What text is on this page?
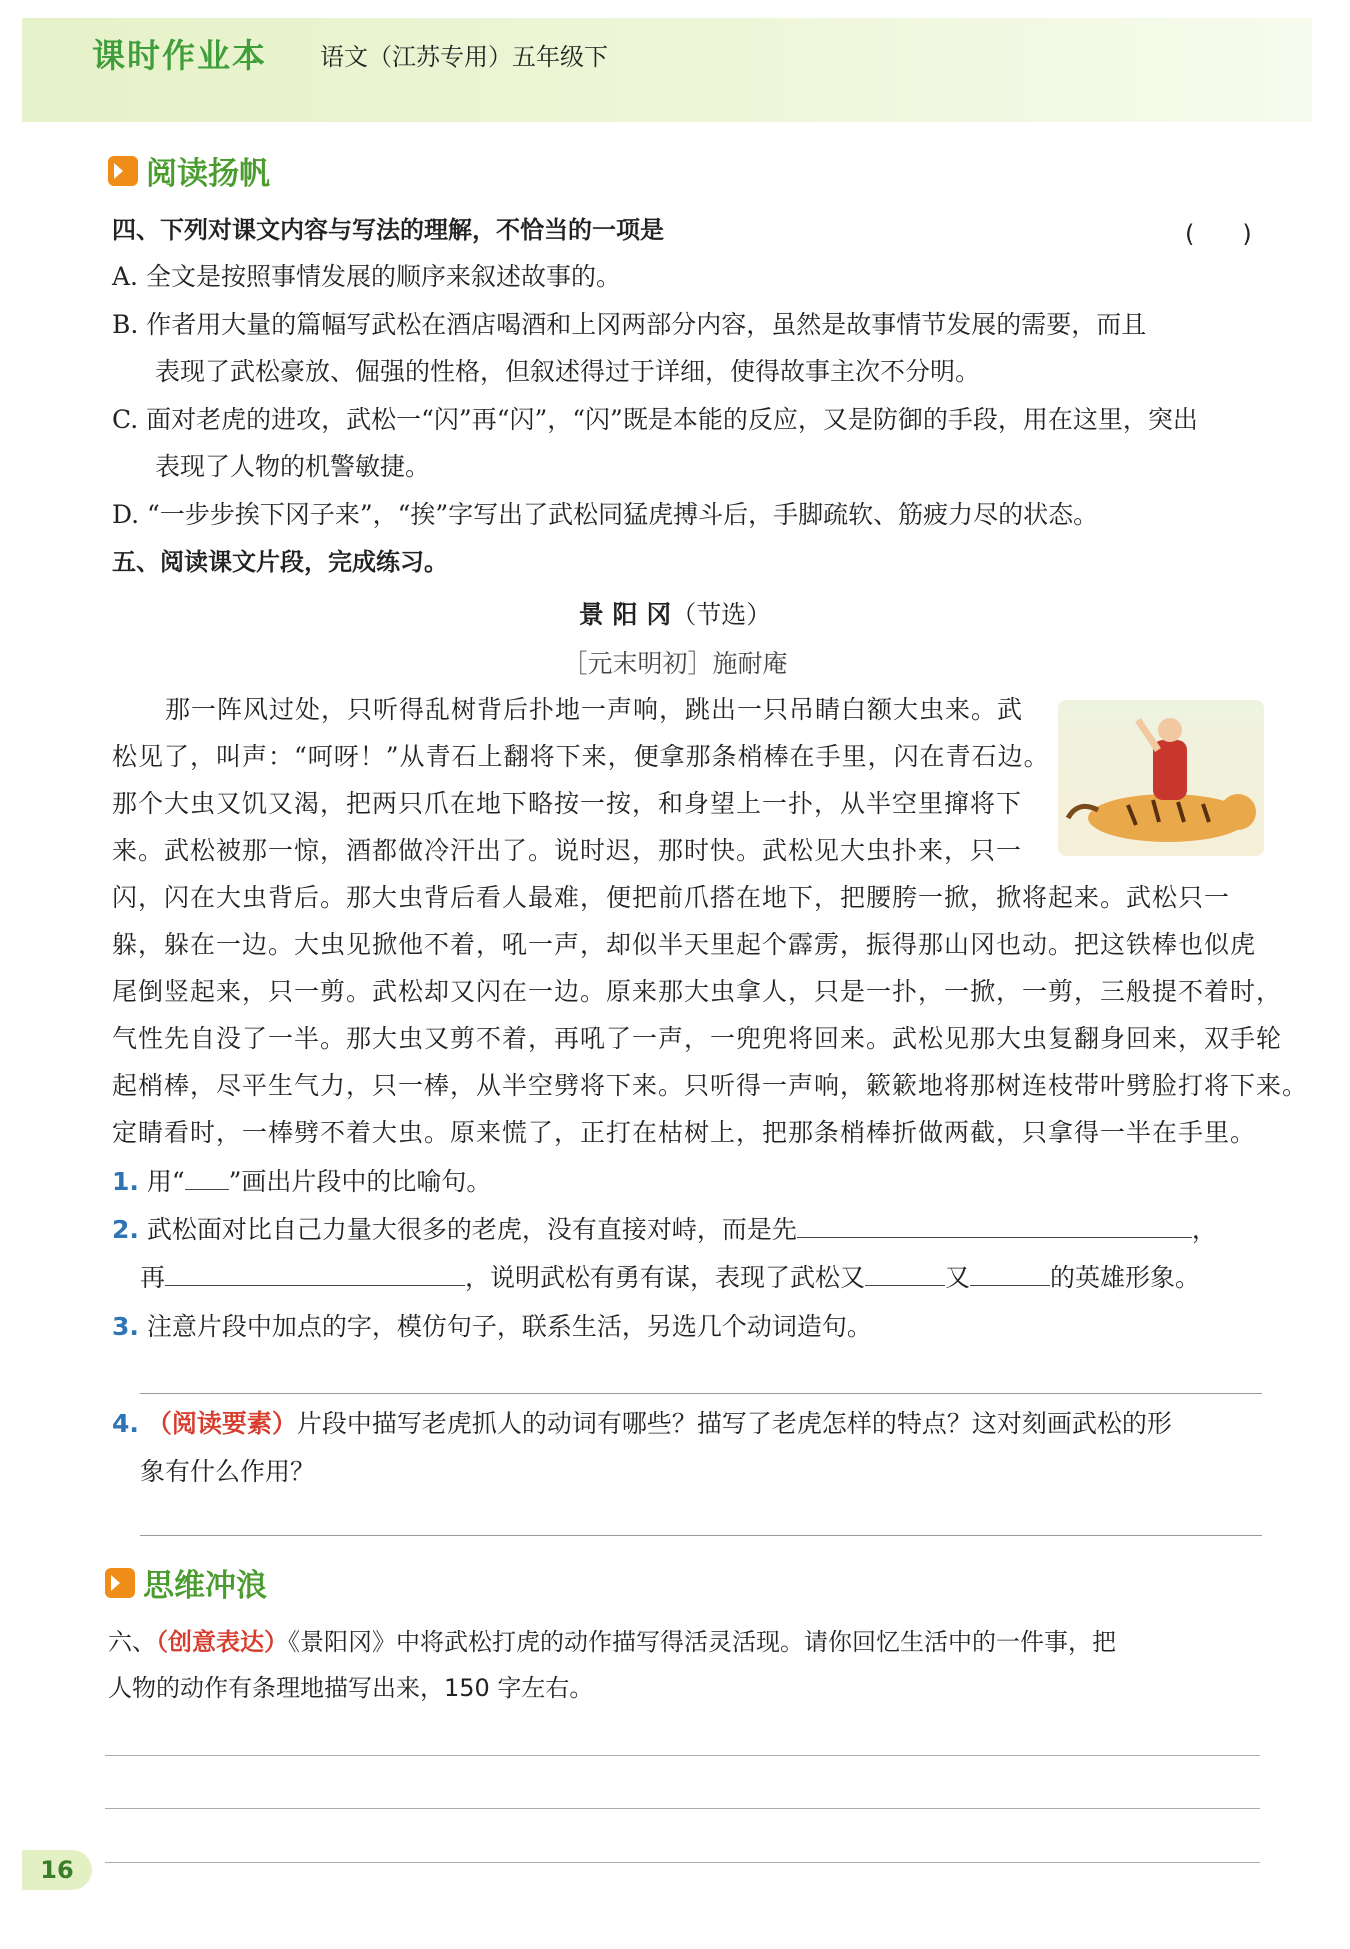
课时作业本 语文（江苏专用）五年级下
阅读扬帆
四、下列对课文内容与写法的理解，不恰当的一项是	(　　)
A. 全文是按照事情发展的顺序来叙述故事的。
B. 作者用大量的篇幅写武松在酒店喝酒和上冈两部分内容，虽然是故事情节发展的需要，而且
表现了武松豪放、倔强的性格，但叙述得过于详细，使得故事主次不分明。
C. 面对老虎的进攻，武松一“闪”再“闪”，“闪”既是本能的反应，又是防御的手段，用在这里，突出
表现了人物的机警敏捷。
D. “一步步挨下冈子来”，“挨”字写出了武松同猛虎搏斗后，手脚疏软、筋疲力尽的状态。
五、阅读课文片段，完成练习。
景 阳 冈（节选）
［元末明初］施耐庵
那一阵风过处，只听得乱树背后扑地一声响，跳出一只吊睛白额大虫来。武
松见了，叫声：“呵呀！”从青石上翻将下来，便拿那条梢棒在手里，闪在青石边。
那个大虫又饥又渴，把两只爪在地下略按一按，和身望上一扑，从半空里撺将下
来。武松被那一惊，酒都做冷汗出了。说时迟，那时快。武松见大虫扑来，只一
闪，闪在大虫背后。那大虫背后看人最难，便把前爪搭在地下，把腰胯一掀，掀将起来。武松只一
躲，躲在一边。大虫见掀他不着，吼一声，却似半天里起个霹雳，振得那山冈也动。把这铁棒也似虎
尾倒竖起来，只一剪。武松却又闪在一边。原来那大虫拿人，只是一扑，一掀，一剪，三般提不着时，
气性先自没了一半。那大虫又剪不着，再吼了一声，一兜兜将回来。武松见那大虫复翻身回来，双手轮
起梢棒，尽平生气力，只一棒，从半空劈将下来。只听得一声响，簌簌地将那树连枝带叶劈脸打将下来。
定睛看时，一棒劈不着大虫。原来慌了，正打在枯树上，把那条梢棒折做两截，只拿得一半在手里。
1. 用“ ”画出片段中的比喻句。
2. 武松面对比自己力量大很多的老虎，没有直接对峙，而是先	，
再	，说明武松有勇有谋，表现了武松又	又	的英雄形象。
3. 注意片段中加点的字，模仿句子，联系生活，另选几个动词造句。
4. （阅读要素）片段中描写老虎抓人的动词有哪些？描写了老虎怎样的特点？这对刻画武松的形
象有什么作用？
思维冲浪
六、（创意表达）《景阳冈》中将武松打虎的动作描写得活灵活现。请你回忆生活中的一件事，把
人物的动作有条理地描写出来，150 字左右。
16
